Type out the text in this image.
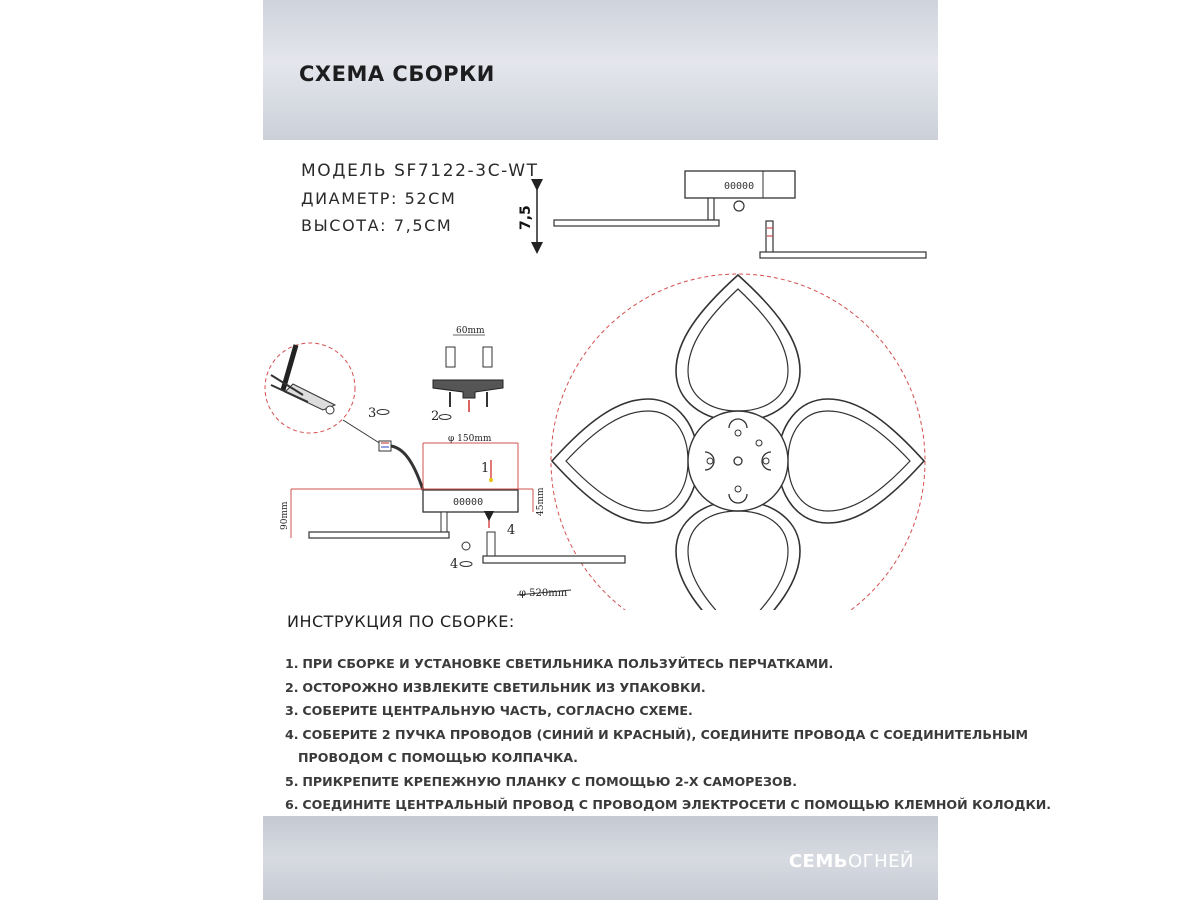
СХЕМА СБОРКИ
МОДЕЛЬ SF7122-3C-WT
ДИАМЕТР: 52СМ
ВЫСОТА: 7,5СМ
00000
7,5
φ 520mm
60mm
2
3
φ 150mm
00000
1
90mm	45mm
4
4
ИНСТРУКЦИЯ ПО СБОРКЕ:
1. ПРИ СБОРКЕ И УСТАНОВКЕ СВЕТИЛЬНИКА ПОЛЬЗУЙТЕСЬ ПЕРЧАТКАМИ.
2. ОСТОРОЖНО ИЗВЛЕКИТЕ СВЕТИЛЬНИК ИЗ УПАКОВКИ.
3. СОБЕРИТЕ ЦЕНТРАЛЬНУЮ ЧАСТЬ, СОГЛАСНО СХЕМЕ.
4. СОБЕРИТЕ 2 ПУЧКА ПРОВОДОВ (СИНИЙ И КРАСНЫЙ), СОЕДИНИТЕ ПРОВОДА С СОЕДИНИТЕЛЬНЫМ
ПРОВОДОМ С ПОМОЩЬЮ КОЛПАЧКА.
5. ПРИКРЕПИТЕ КРЕПЕЖНУЮ ПЛАНКУ С ПОМОЩЬЮ 2-Х САМОРЕЗОВ.
6. СОЕДИНИТЕ ЦЕНТРАЛЬНЫЙ ПРОВОД С ПРОВОДОМ ЭЛЕКТРОСЕТИ С ПОМОЩЬЮ КЛЕМНОЙ КОЛОДКИ.
СЕМЬОГНЕЙ
